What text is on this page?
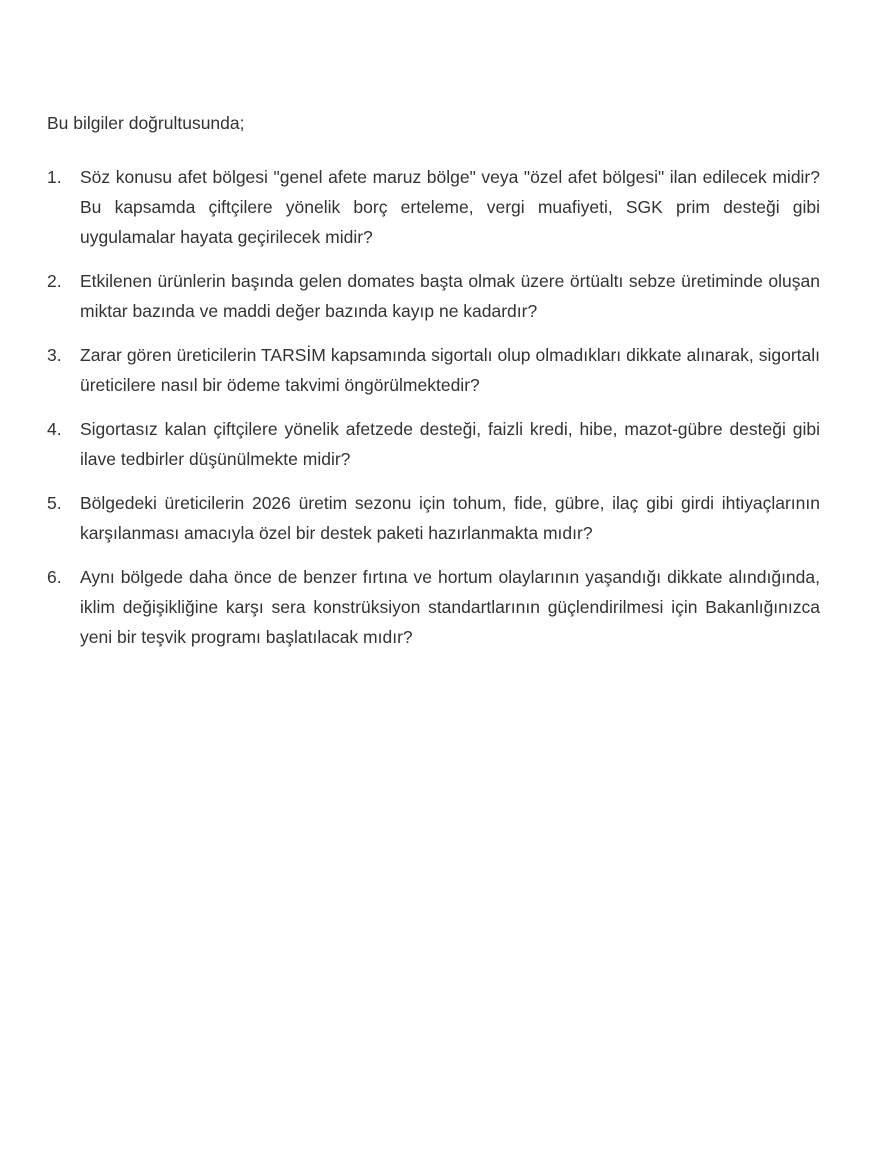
Bu bilgiler doğrultusunda;

1.	Söz konusu afet bölgesi "genel afete maruz bölge" veya "özel afet bölgesi" ilan edilecek midir? Bu kapsamda çiftçilere yönelik borç erteleme, vergi muafiyeti, SGK prim desteği gibi uygulamalar hayata geçirilecek midir?
2.	Etkilenen ürünlerin başında gelen domates başta olmak üzere örtüaltı sebze üretiminde oluşan miktar bazında ve maddi değer bazında kayıp ne kadardır?
3.	Zarar gören üreticilerin TARSİM kapsamında sigortalı olup olmadıkları dikkate alınarak, sigortalı üreticilere nasıl bir ödeme takvimi öngörülmektedir?
4.	Sigortasız kalan çiftçilere yönelik afetzede desteği, faizli kredi, hibe, mazot-gübre desteği gibi ilave tedbirler düşünülmekte midir?
5.	Bölgedeki üreticilerin 2026 üretim sezonu için tohum, fide, gübre, ilaç gibi girdi ihtiyaçlarının karşılanması amacıyla özel bir destek paketi hazırlanmakta mıdır?
6.	Aynı bölgede daha önce de benzer fırtına ve hortum olaylarının yaşandığı dikkate alındığında, iklim değişikliğine karşı sera konstrüksiyon standartlarının güçlendirilmesi için Bakanlığınızca yeni bir teşvik programı başlatılacak mıdır?
